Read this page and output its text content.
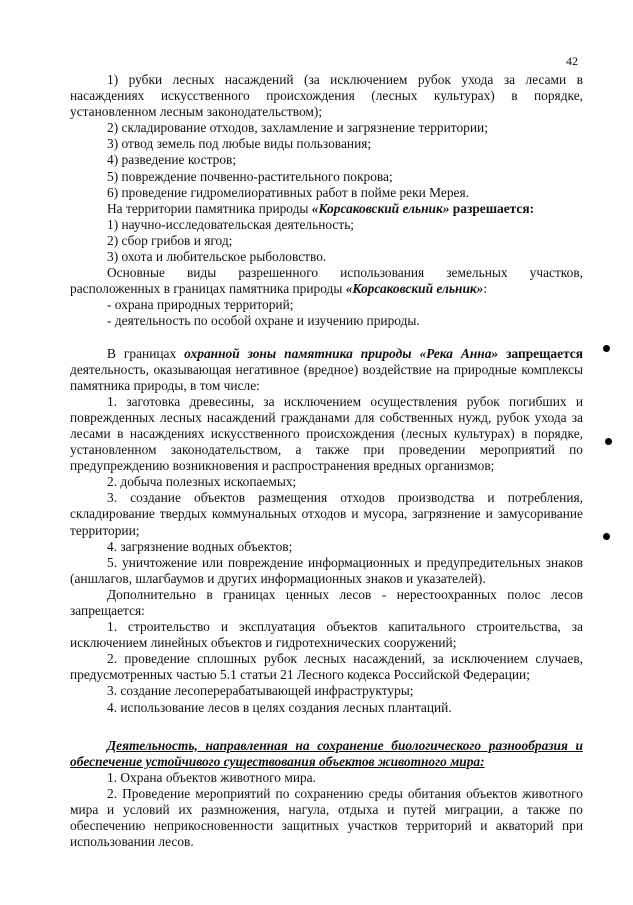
42

1) рубки лесных насаждений (за исключением рубок ухода за лесами в насаждениях искусственного происхождения (лесных культурах) в порядке, установленном лесным законодательством);

2) складирование отходов, захламление и загрязнение территории;

3) отвод земель под любые виды пользования;

4) разведение костров;

5) повреждение почвенно-растительного покрова;

6) проведение гидромелиоративных работ в пойме реки Мерея.

На территории памятника природы «Корсаковский ельник» разрешается:

1) научно-исследовательская деятельность;

2) сбор грибов и ягод;

3) охота и любительское рыболовство.

Основные виды разрешенного использования земельных участков, расположенных в границах памятника природы «Корсаковский ельник»:

- охрана природных территорий;

- деятельность по особой охране и изучению природы.

В границах охранной зоны памятника природы «Река Анна» запрещается деятельность, оказывающая негативное (вредное) воздействие на природные комплексы памятника природы, в том числе:

1. заготовка древесины, за исключением осуществления рубок погибших и поврежденных лесных насаждений гражданами для собственных нужд, рубок ухода за лесами в насаждениях искусственного происхождения (лесных культурах) в порядке, установленном законодательством, а также при проведении мероприятий по предупреждению возникновения и распространения вредных организмов;

2. добыча полезных ископаемых;

3. создание объектов размещения отходов производства и потребления, складирование твердых коммунальных отходов и мусора, загрязнение и замусоривание территории;

4. загрязнение водных объектов;

5. уничтожение или повреждение информационных и предупредительных знаков (аншлагов, шлагбаумов и других информационных знаков и указателей).

Дополнительно в границах ценных лесов - нерестоохранных полос лесов запрещается:

1. строительство и эксплуатация объектов капитального строительства, за исключением линейных объектов и гидротехнических сооружений;

2. проведение сплошных рубок лесных насаждений, за исключением случаев, предусмотренных частью 5.1 статьи 21 Лесного кодекса Российской Федерации;

3. создание лесоперерабатывающей инфраструктуры;

4. использование лесов в целях создания лесных плантаций.

Деятельность, направленная на сохранение биологического разнообразия и обеспечение устойчивого существования объектов животного мира:

1. Охрана объектов животного мира.

2. Проведение мероприятий по сохранению среды обитания объектов животного мира и условий их размножения, нагула, отдыха и путей миграции, а также по обеспечению неприкосновенности защитных участков территорий и акваторий при использовании лесов.
